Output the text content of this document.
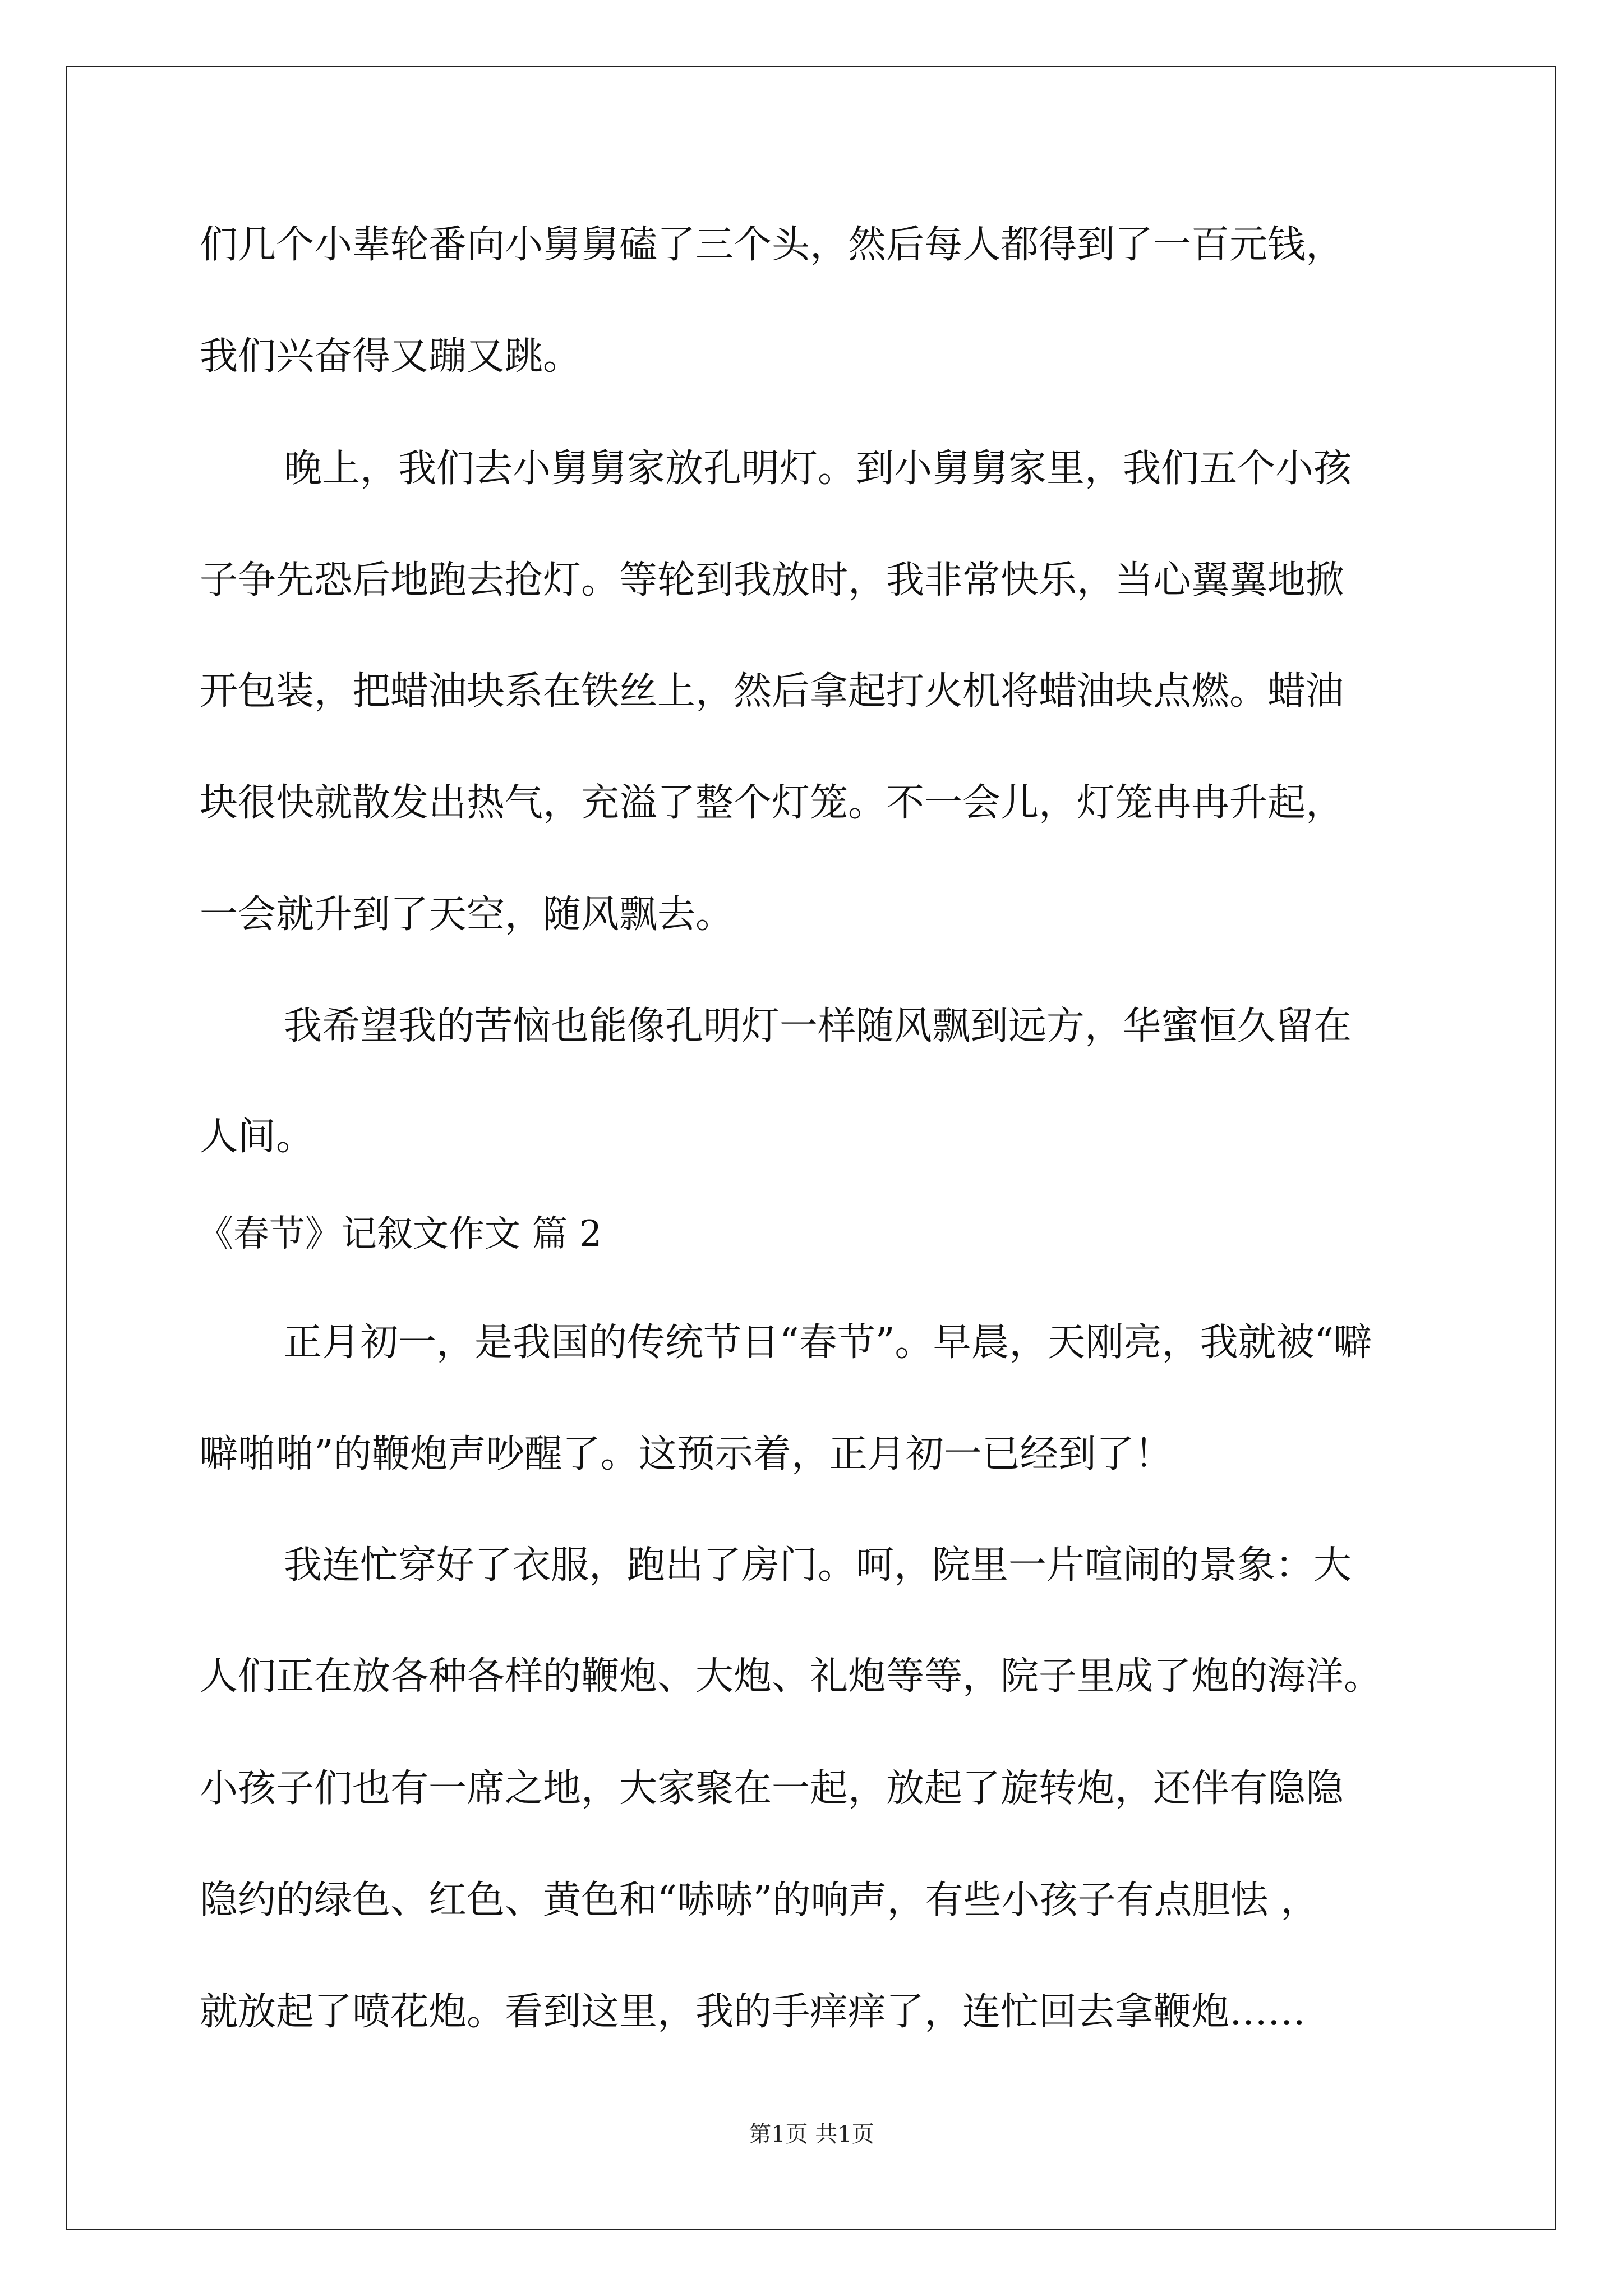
们几个小辈轮番向小舅舅磕了三个头，然后每人都得到了一百元钱，
我们兴奋得又蹦又跳。
晚上，我们去小舅舅家放孔明灯。到小舅舅家里，我们五个小孩
子争先恐后地跑去抢灯。等轮到我放时，我非常快乐，当心翼翼地掀
开包装，把蜡油块系在铁丝上，然后拿起打火机将蜡油块点燃。蜡油
块很快就散发出热气，充溢了整个灯笼。不一会儿，灯笼冉冉升起，
一会就升到了天空，随风飘去。
我希望我的苦恼也能像孔明灯一样随风飘到远方，华蜜恒久留在
人间。
《春节》记叙文作文 篇 2
正月初一，是我国的传统节日“春节”。早晨，天刚亮，我就被“噼
噼啪啪”的鞭炮声吵醒了。这预示着，正月初一已经到了！
我连忙穿好了衣服，跑出了房门。呵，院里一片喧闹的景象：大
人们正在放各种各样的鞭炮、大炮、礼炮等等，院子里成了炮的海洋。
小孩子们也有一席之地，大家聚在一起，放起了旋转炮，还伴有隐隐
隐约的绿色、红色、黄色和“哧哧”的响声，有些小孩子有点胆怯 ，
就放起了喷花炮。看到这里，我的手痒痒了，连忙回去拿鞭炮……
第1页 共1页
